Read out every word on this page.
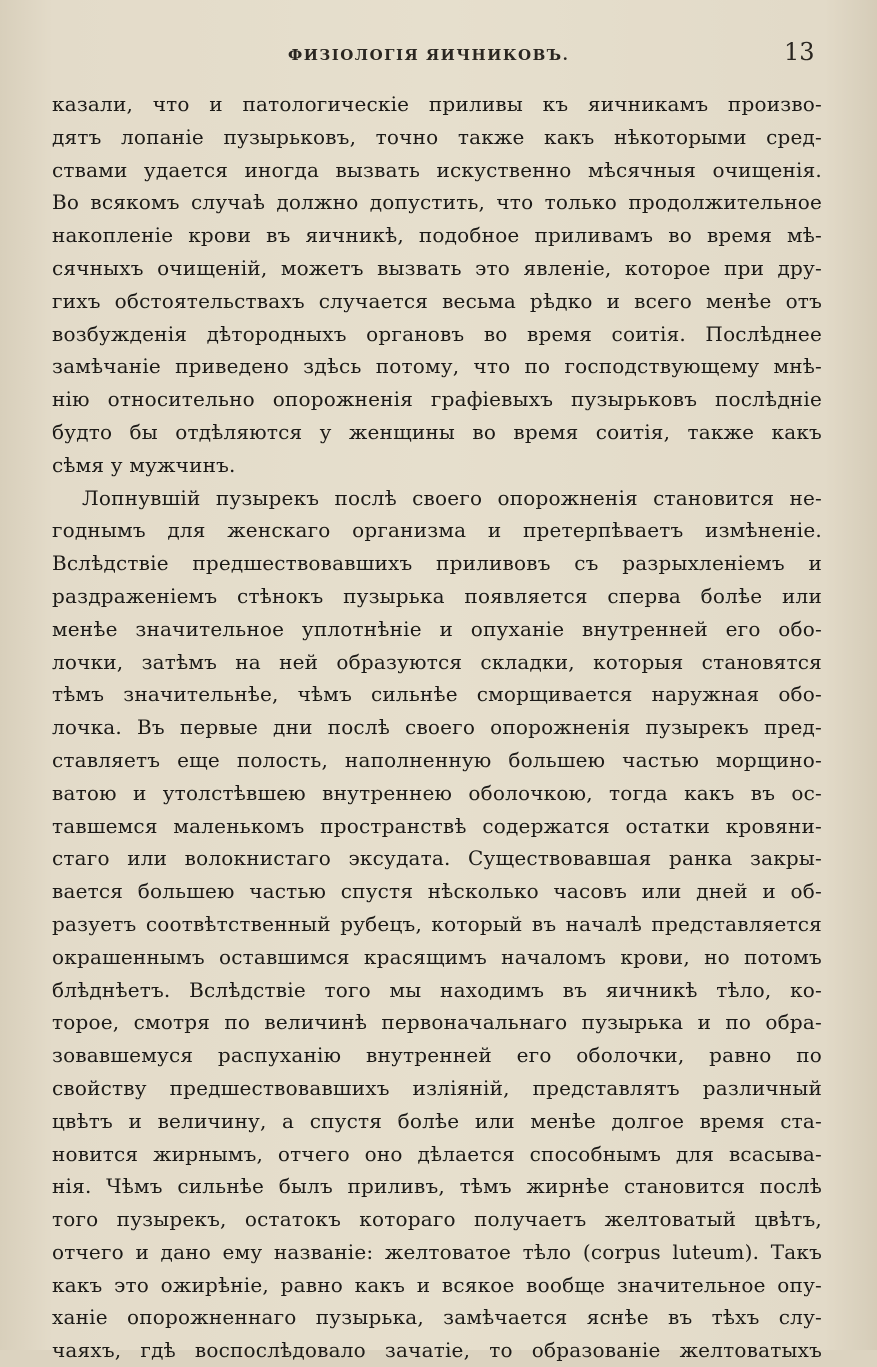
ФИЗІОЛОГІЯ ЯИЧНИКОВЪ.	13
казали, что и патологическіе приливы къ яичникамъ произво-
дятъ лопаніе пузырьковъ, точно также какъ нѣкоторыми сред-
ствами удается иногда вызвать искуственно мѣсячныя очищенія.
Во всякомъ случаѣ должно допустить, что только продолжительное
накопленіе крови въ яичникѣ, подобное приливамъ во время мѣ-
сячныхъ очищеній, можетъ вызвать это явленіе, которое при дру-
гихъ обстоятельствахъ случается весьма рѣдко и всего менѣе отъ
возбужденія дѣтородныхъ органовъ во время соитія. Послѣднее
замѣчаніе приведено здѣсь потому, что по господствующему мнѣ-
нію относительно опорожненія графіевыхъ пузырьковъ послѣдніе
будто бы отдѣляются у женщины во время соитія, также какъ
сѣмя у мужчинъ.
Лопнувшій пузырекъ послѣ своего опорожненія становится не-
годнымъ для женскаго организма и претерпѣваетъ измѣненіе.
Вслѣдствіе предшествовавшихъ приливовъ съ разрыхленіемъ и
раздраженіемъ стѣнокъ пузырька появляется сперва болѣе или
менѣе значительное уплотнѣніе и опуханіе внутренней его обо-
лочки, затѣмъ на ней образуются складки, которыя становятся
тѣмъ значительнѣе, чѣмъ сильнѣе сморщивается наружная обо-
лочка. Въ первые дни послѣ своего опорожненія пузырекъ пред-
ставляетъ еще полость, наполненную большею частью морщино-
ватою и утолстѣвшею внутреннею оболочкою, тогда какъ въ ос-
тавшемся маленькомъ пространствѣ содержатся остатки кровяни-
стаго или волокнистаго эксудата. Существовавшая ранка закры-
вается большею частью спустя нѣсколько часовъ или дней и об-
разуетъ соотвѣтственный рубецъ, который въ началѣ представляется
окрашеннымъ оставшимся красящимъ началомъ крови, но потомъ
блѣднѣетъ. Вслѣдствіе того мы находимъ въ яичникѣ тѣло, ко-
торое, смотря по величинѣ первоначальнаго пузырька и по обра-
зовавшемуся распуханію внутренней его оболочки, равно по
свойству предшествовавшихъ изліяній, представлятъ различный
цвѣтъ и величину, а спустя болѣе или менѣе долгое время ста-
новится жирнымъ, отчего оно дѣлается способнымъ для всасыва-
нія. Чѣмъ сильнѣе былъ приливъ, тѣмъ жирнѣе становится послѣ
того пузырекъ, остатокъ котораго получаетъ желтоватый цвѣтъ,
отчего и дано ему названіе: желтоватое тѣло (corpus luteum). Такъ
какъ это ожирѣніе, равно какъ и всякое вообще значительное опу-
ханіе опорожненнаго пузырька, замѣчается яснѣе въ тѣхъ слу-
чаяхъ, гдѣ воспослѣдовало зачатіе, то образованіе желтоватыхъ
